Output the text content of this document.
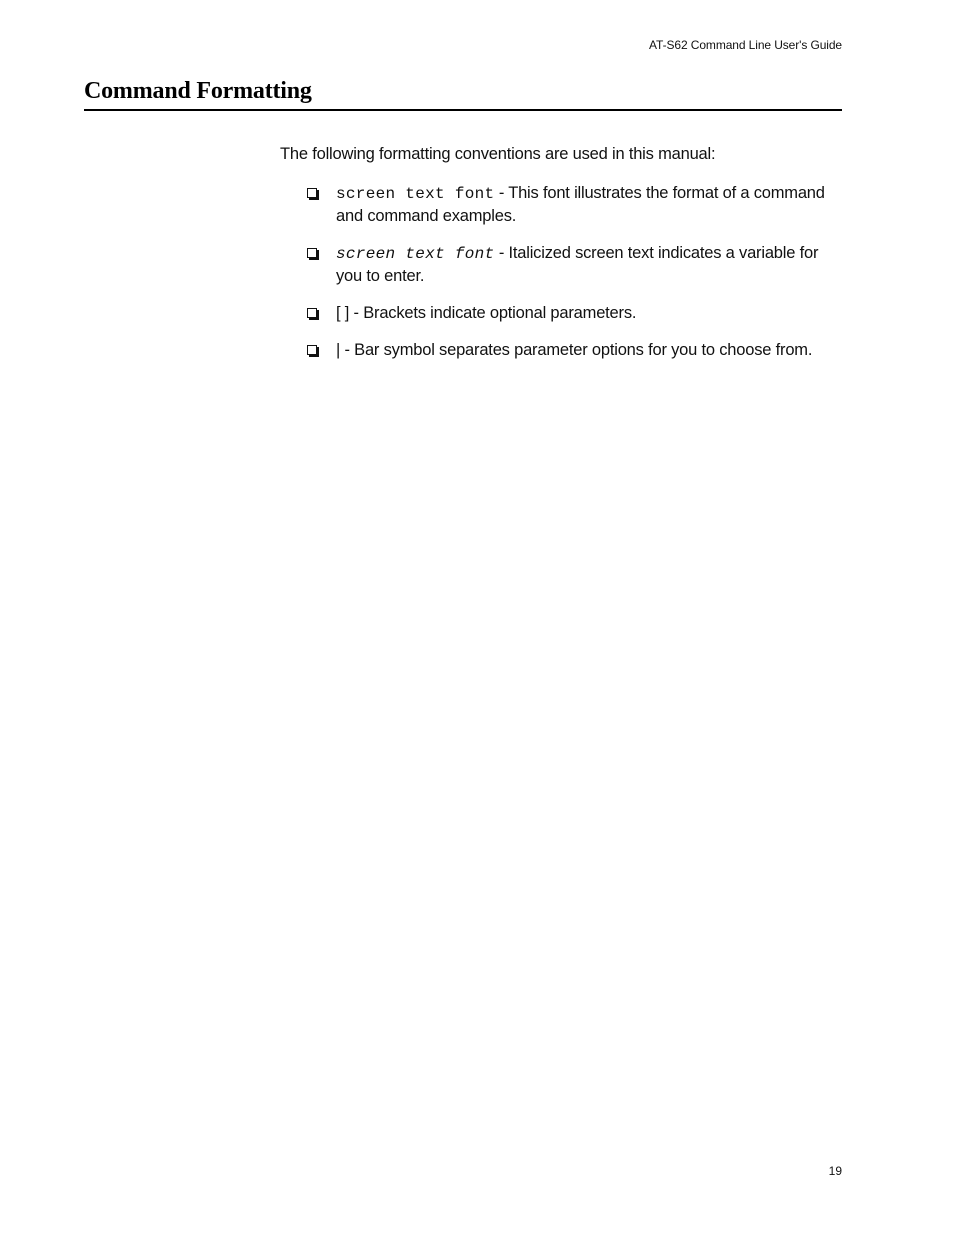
AT-S62 Command Line User's Guide
Command Formatting

The following formatting conventions are used in this manual:

screen text font - This font illustrates the format of a command and command examples.
screen text font - Italicized screen text indicates a variable for you to enter.
[ ] - Brackets indicate optional parameters.
| - Bar symbol separates parameter options for you to choose from.
19
